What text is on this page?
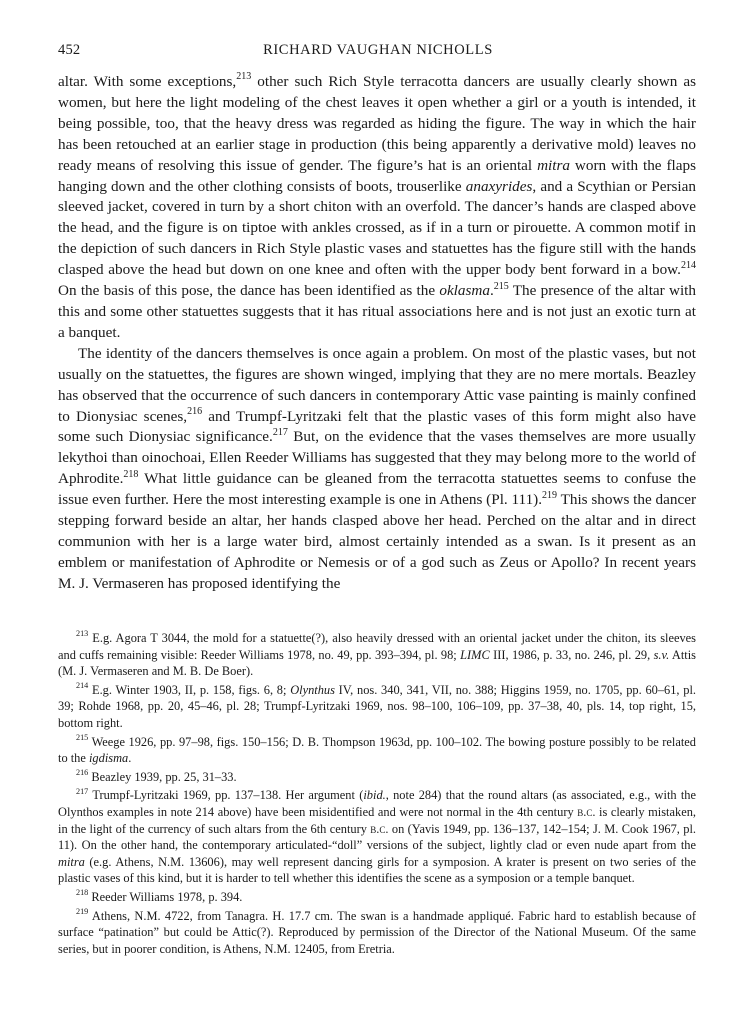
452	RICHARD VAUGHAN NICHOLLS

altar. With some exceptions,$^{213}$ other such Rich Style terracotta dancers are usually clearly shown as women, but here the light modeling of the chest leaves it open whether a girl or a youth is intended, it being possible, too, that the heavy dress was regarded as hiding the figure. The way in which the hair has been retouched at an earlier stage in production (this being apparently a derivative mold) leaves no ready means of resolving this issue of gender. The figure’s hat is an oriental mitra worn with the flaps hanging down and the other clothing consists of boots, trouserlike anaxyrides, and a Scythian or Persian sleeved jacket, covered in turn by a short chiton with an overfold. The dancer’s hands are clasped above the head, and the figure is on tiptoe with ankles crossed, as if in a turn or pirouette. A common motif in the depiction of such dancers in Rich Style plastic vases and statuettes has the figure still with the hands clasped above the head but down on one knee and often with the upper body bent forward in a bow.$^{214}$ On the basis of this pose, the dance has been identified as the oklasma.$^{215}$ The presence of the altar with this and some other statuettes suggests that it has ritual associations here and is not just an exotic turn at a banquet.

The identity of the dancers themselves is once again a problem. On most of the plastic vases, but not usually on the statuettes, the figures are shown winged, implying that they are no mere mortals. Beazley has observed that the occurrence of such dancers in contemporary Attic vase painting is mainly confined to Dionysiac scenes,$^{216}$ and Trumpf-Lyritzaki felt that the plastic vases of this form might also have some such Dionysiac significance.$^{217}$ But, on the evidence that the vases themselves are more usually lekythoi than oinochoai, Ellen Reeder Williams has suggested that they may belong more to the world of Aphrodite.$^{218}$ What little guidance can be gleaned from the terracotta statuettes seems to confuse the issue even further. Here the most interesting example is one in Athens (Pl. 111).$^{219}$ This shows the dancer stepping forward beside an altar, her hands clasped above her head. Perched on the altar and in direct communion with her is a large water bird, almost certainly intended as a swan. Is it present as an emblem or manifestation of Aphrodite or Nemesis or of a god such as Zeus or Apollo? In recent years M. J. Vermaseren has proposed identifying the

$^{213}$ E.g. Agora T 3044, the mold for a statuette(?), also heavily dressed with an oriental jacket under the chiton, its sleeves and cuffs remaining visible: Reeder Williams 1978, no. 49, pp. 393–394, pl. 98; LIMC III, 1986, p. 33, no. 246, pl. 29, s.v. Attis (M. J. Vermaseren and M. B. De Boer).

$^{214}$ E.g. Winter 1903, II, p. 158, figs. 6, 8; Olynthus IV, nos. 340, 341, VII, no. 388; Higgins 1959, no. 1705, pp. 60–61, pl. 39; Rohde 1968, pp. 20, 45–46, pl. 28; Trumpf-Lyritzaki 1969, nos. 98–100, 106–109, pp. 37–38, 40, pls. 14, top right, 15, bottom right.

$^{215}$ Weege 1926, pp. 97–98, figs. 150–156; D. B. Thompson 1963d, pp. 100–102. The bowing posture possibly to be related to the igdisma.

$^{216}$ Beazley 1939, pp. 25, 31–33.

$^{217}$ Trumpf-Lyritzaki 1969, pp. 137–138. Her argument (ibid., note 284) that the round altars (as associated, e.g., with the Olynthos examples in note 214 above) have been misidentified and were not normal in the 4th century b.c. is clearly mistaken, in the light of the currency of such altars from the 6th century b.c. on (Yavis 1949, pp. 136–137, 142–154; J. M. Cook 1967, pl. 11). On the other hand, the contemporary articulated-“doll” versions of the subject, lightly clad or even nude apart from the mitra (e.g. Athens, N.M. 13606), may well represent dancing girls for a symposion. A krater is present on two series of the plastic vases of this kind, but it is harder to tell whether this identifies the scene as a symposion or a temple banquet.

$^{218}$ Reeder Williams 1978, p. 394.

$^{219}$ Athens, N.M. 4722, from Tanagra. H. 17.7 cm. The swan is a handmade appliqué. Fabric hard to establish because of surface “patination” but could be Attic(?). Reproduced by permission of the Director of the National Museum. Of the same series, but in poorer condition, is Athens, N.M. 12405, from Eretria.
